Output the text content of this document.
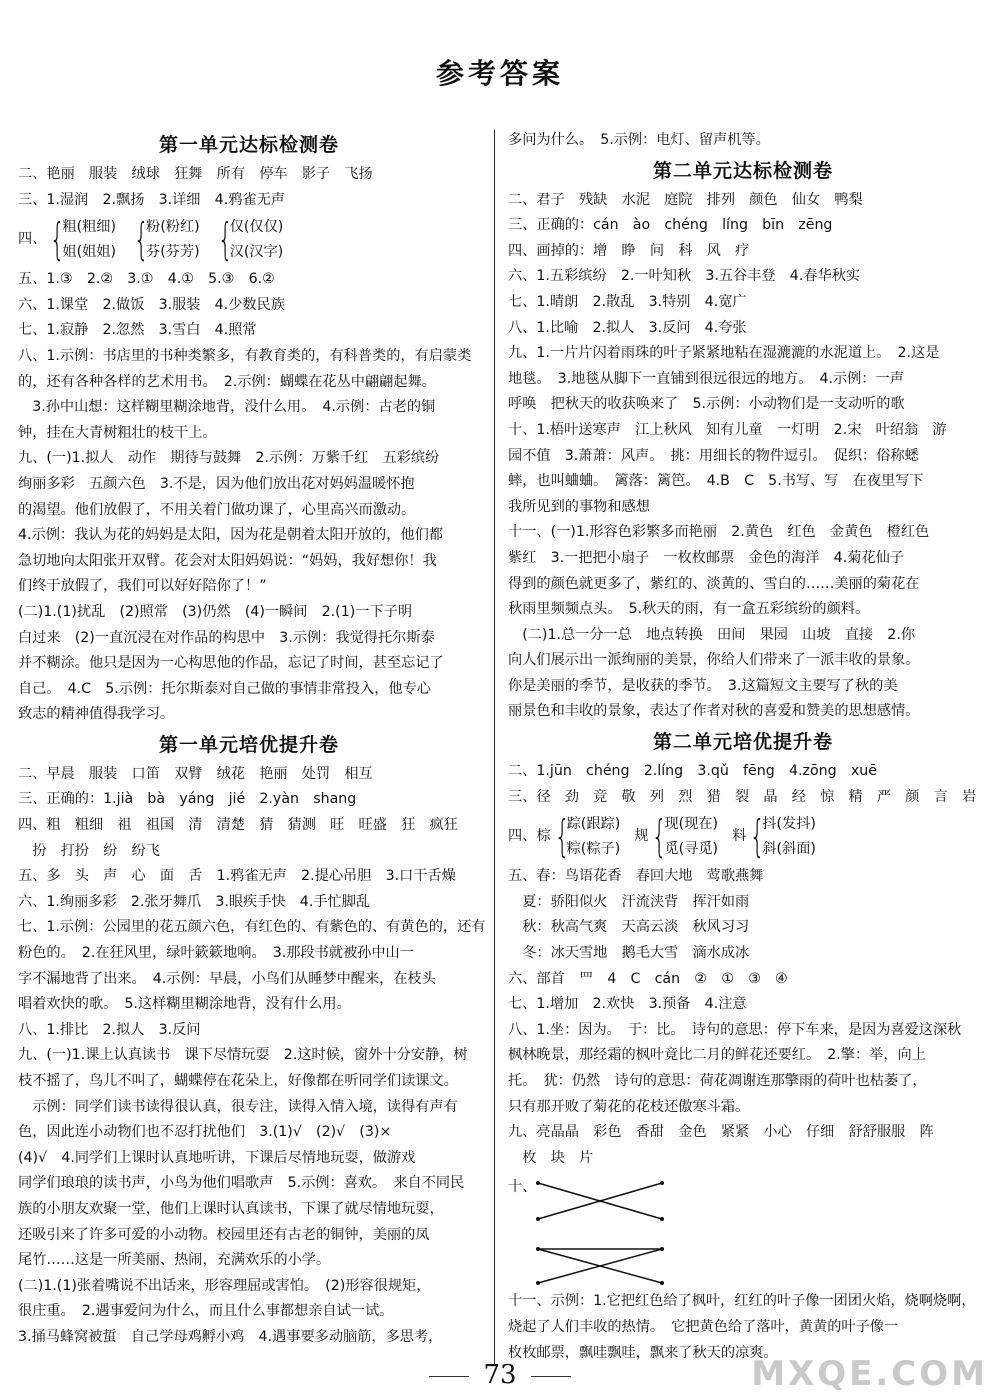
参考答案
第一单元达标检测卷
二、艳丽　服装　绒球　狂舞　所有　停车　影子　飞扬
三、1.湿润　2.飘扬　3.详细　4.鸦雀无声
四、 {
粗(粗细)
姐(姐姐) {
粉(粉红)
芬(芬芳) {
仅(仅仅)
汉(汉字)
五、1.③　2.②　3.①　4.①　5.③　6.②
六、1.课堂　2.做饭　3.服装　4.少数民族
七、1.寂静　2.忽然　3.雪白　4.照常
八、1.示例：书店里的书种类繁多，有教育类的，有科普类的，有启蒙类
的，还有各种各样的艺术用书。　2.示例：蝴蝶在花丛中翩翩起舞。
　3.孙中山想：这样糊里糊涂地背，没什么用。　4.示例：古老的铜
钟，挂在大青树粗壮的枝干上。
九、(一)1.拟人　动作　期待与鼓舞　2.示例：万紫千红　五彩缤纷
绚丽多彩　五颜六色　3.不是，因为他们放出花对妈妈温暖怀抱
的渴望。他们放假了，不用关着门做功课了，心里高兴而激动。
4.示例：我认为花的妈妈是太阳，因为花是朝着太阳开放的，他们都
急切地向太阳张开双臂。花会对太阳妈妈说：“妈妈，我好想你！我
们终于放假了，我们可以好好陪你了！”
(二)1.(1)扰乱　(2)照常　(3)仍然　(4)一瞬间　2.(1)一下子明
白过来　(2)一直沉浸在对作品的构思中　3.示例：我觉得托尔斯泰
并不糊涂。他只是因为一心构思他的作品，忘记了时间，甚至忘记了
自己。　4.C　5.示例：托尔斯泰对自己做的事情非常投入，他专心
致志的精神值得我学习。
第一单元培优提升卷
二、早晨　服装　口笛　双臂　绒花　艳丽　处罚　相互
三、正确的：1.jià　bà　yáng　jié　2.yàn　shang
四、粗　粗细　祖　祖国　清　清楚　猜　猜测　旺　旺盛　狂　疯狂
　扮　打扮　纷　纷飞
五、多　头　声　心　面　舌　1.鸦雀无声　2.提心吊胆　3.口干舌燥
六、1.绚丽多彩　2.张牙舞爪　3.眼疾手快　4.手忙脚乱
七、1.示例：公园里的花五颜六色，有红色的、有紫色的、有黄色的，还有
粉色的。　2.在狂风里，绿叶簌簌地响。　3.那段书就被孙中山一
字不漏地背了出来。　4.示例：早晨，小鸟们从睡梦中醒来，在枝头
唱着欢快的歌。　5.这样糊里糊涂地背，没有什么用。
八、1.排比　2.拟人　3.反问
九、(一)1.课上认真读书　课下尽情玩耍　2.这时候，窗外十分安静，树
枝不摇了，鸟儿不叫了，蝴蝶停在花朵上，好像都在听同学们读课文。
　示例：同学们读书读得很认真，很专注，读得入情入境，读得有声有
色，因此连小动物们也不忍打扰他们　3.(1)√　(2)√　(3)×
(4)√　4.同学们上课时认真地听讲，下课后尽情地玩耍，做游戏
同学们琅琅的读书声，小鸟为他们唱歌声　5.示例：喜欢。　来自不同民
族的小朋友欢聚一堂，他们上课时认真读书，下课了就尽情地玩耍，
还吸引来了许多可爱的小动物。校园里还有古老的铜钟，美丽的凤
尾竹……这是一所美丽、热闹，充满欢乐的小学。
(二)1.(1)张着嘴说不出话来，形容理屈或害怕。　(2)形容很规矩，
很庄重。　2.遇事爱问为什么，而且什么事都想亲自试一试。
3.捅马蜂窝被蜇　自己学母鸡孵小鸡　4.遇事要多动脑筋，多思考，
多问为什么。　5.示例：电灯、留声机等。
第二单元达标检测卷
二、君子　残缺　水泥　庭院　排列　颜色　仙女　鸭梨
三、正确的：cán　ào　chéng　líng　bīn　zēng
四、画掉的：增　睁　问　科　风　疗
六、1.五彩缤纷　2.一叶知秋　3.五谷丰登　4.春华秋实
七、1.晴朗　2.散乱　3.特别　4.宽广
八、1.比喻　2.拟人　3.反问　4.夸张
九、1.一片片闪着雨珠的叶子紧紧地粘在湿漉漉的水泥道上。　2.这是
地毯。　3.地毯从脚下一直铺到很远很远的地方。　4.示例：一声
呼唤　把秋天的收获唤来了　5.示例：小动物们是一支动听的歌
十、1.梧叶送寒声　江上秋风　知有儿童　一灯明　2.宋　叶绍翁　游
园不值　3.萧萧：风声。　挑：用细长的物件逗引。　促织：俗称蟋
蟀，也叫蛐蛐。　篱落：篱笆。　4.B　C　5.书写、写　在夜里写下
我所见到的事物和感想
十一、(一)1.形容色彩繁多而艳丽　2.黄色　红色　金黄色　橙红色
紫红　3.一把把小扇子　一枚枚邮票　金色的海洋　4.菊花仙子
得到的颜色就更多了，紫红的、淡黄的、雪白的……美丽的菊花在
秋雨里频频点头。　5.秋天的雨，有一盒五彩缤纷的颜料。
　(二)1.总一分一总　地点转换　田间　果园　山坡　直接　2.你
向人们展示出一派绚丽的美景，你给人们带来了一派丰收的景象。
你是美丽的季节，是收获的季节。　3.这篇短文主要写了秋的美
丽景色和丰收的景象，表达了作者对秋的喜爱和赞美的思想感情。
第二单元培优提升卷
二、1.jūn　chéng　2.líng　3.qǔ　fēng　4.zōng　xuē
三、径　劲　竞　敬　列　烈　猎　裂　晶　经　惊　精　严　颜　言　岩
四、 棕 {
踪(跟踪)
粽(粽子)
规 {
现(现在)
觅(寻觅)
料 {
抖(发抖)
斜(斜面)
五、春：鸟语花香　春回大地　莺歌燕舞
　夏：骄阳似火　汗流浃背　挥汗如雨
　秋：秋高气爽　天高云淡　秋风习习
　冬：冰天雪地　鹅毛大雪　滴水成冰
六、部首　罒　4　C　cán　②　①　③　④
七、1.增加　2.欢快　3.预备　4.注意
八、1.坐：因为。　于：比。　诗句的意思：停下车来，是因为喜爱这深秋
枫林晚景，那经霜的枫叶竟比二月的鲜花还要红。　2.擎：举，向上
托。　犹：仍然　诗句的意思：荷花凋谢连那擎雨的荷叶也枯萎了，
只有那开败了菊花的花枝还傲寒斗霜。
九、亮晶晶　彩色　香甜　金色　紧紧　小心　仔细　舒舒服服　阵
　枚　块　片
十、
十一、示例：1.它把红色给了枫叶，红红的叶子像一团团火焰，烧啊烧啊，
烧起了人们丰收的热情。　它把黄色给了落叶，黄黄的叶子像一
枚枚邮票，飘哇飘哇，飘来了秋天的凉爽。
73	MXQE.COM
